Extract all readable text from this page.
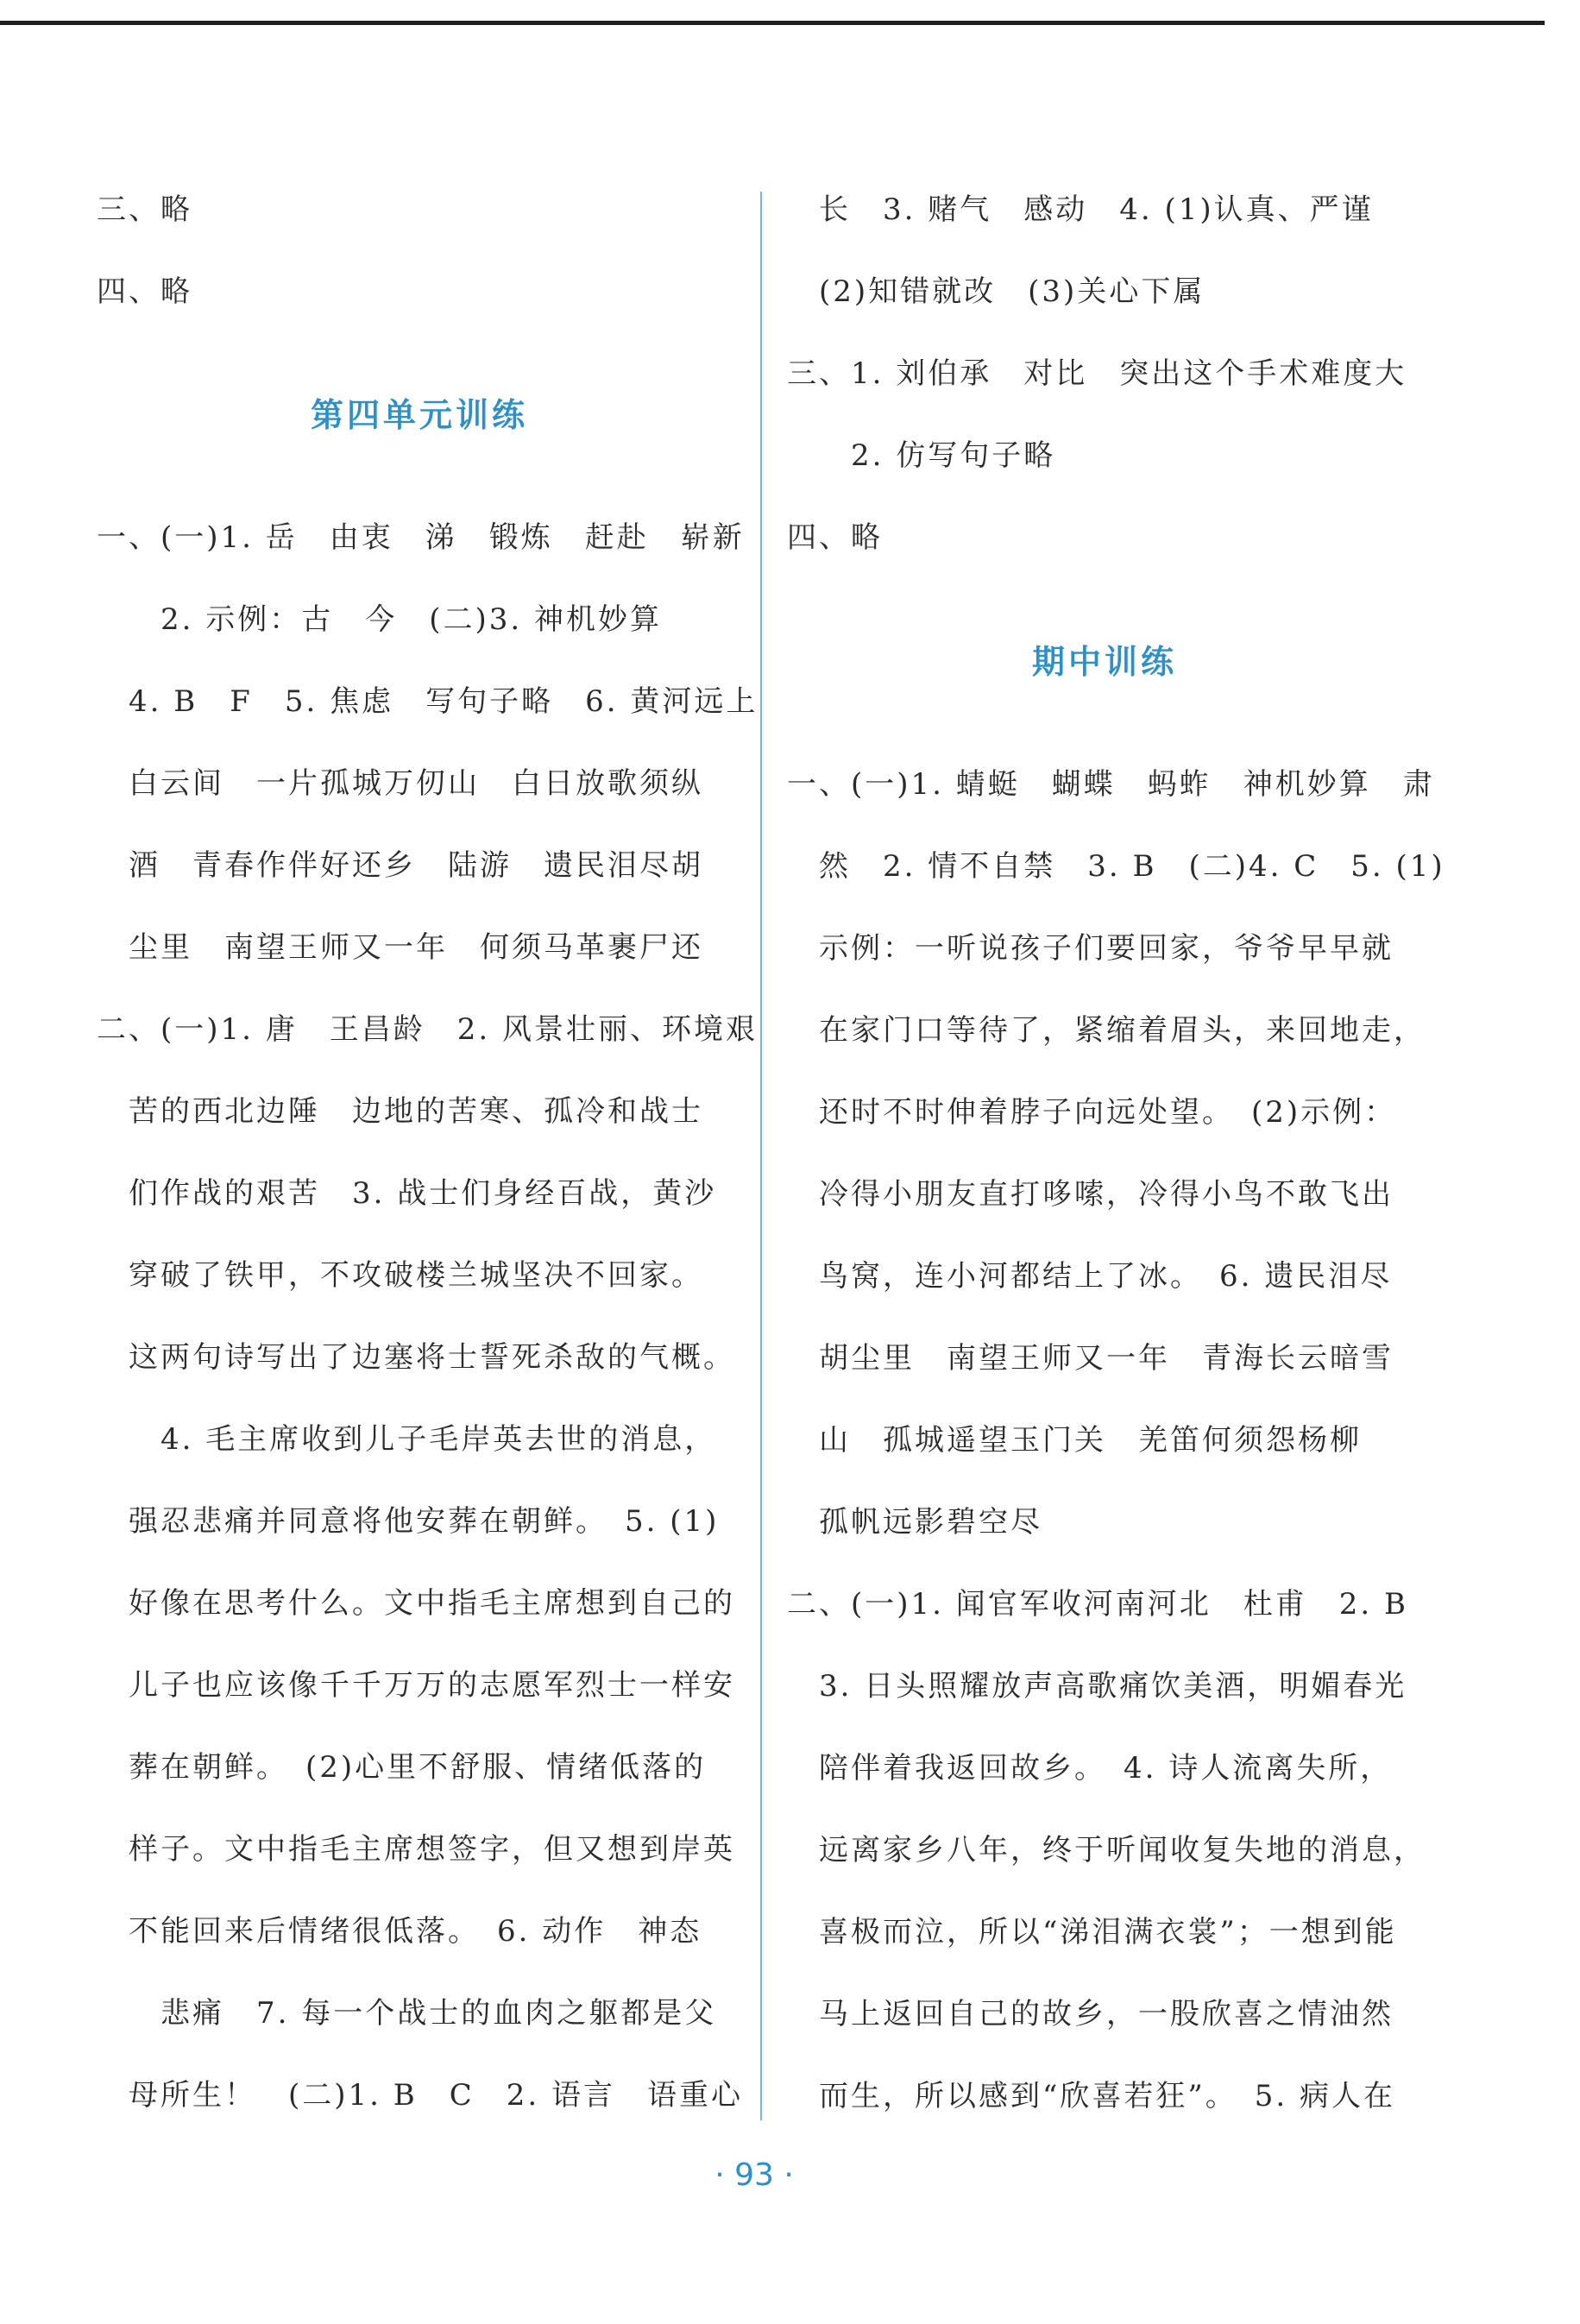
三、略
四、略
第四单元训练
一、(一)1. 岳　由衷　涕　锻炼　赶赴　崭新
　　2. 示例：古　今　(二)3. 神机妙算
　4. B　F　5. 焦虑　写句子略　6. 黄河远上
　白云间　一片孤城万仞山　白日放歌须纵
　酒　青春作伴好还乡　陆游　遗民泪尽胡
　尘里　南望王师又一年　何须马革裹尸还
二、(一)1. 唐　王昌龄　2. 风景壮丽、环境艰
　苦的西北边陲　边地的苦寒、孤冷和战士
　们作战的艰苦　3. 战士们身经百战，黄沙
　穿破了铁甲，不攻破楼兰城坚决不回家。
　这两句诗写出了边塞将士誓死杀敌的气概。
　　4. 毛主席收到儿子毛岸英去世的消息，
　强忍悲痛并同意将他安葬在朝鲜。　5. (1)
　好像在思考什么。文中指毛主席想到自己的
　儿子也应该像千千万万的志愿军烈士一样安
　葬在朝鲜。　(2)心里不舒服、情绪低落的
　样子。文中指毛主席想签字，但又想到岸英
　不能回来后情绪很低落。　6. 动作　神态
　　悲痛　7. 每一个战士的血肉之躯都是父
　母所生！　(二)1. B　C　2. 语言　语重心
　长　3. 赌气　感动　4. (1)认真、严谨
　(2)知错就改　(3)关心下属
三、1. 刘伯承　对比　突出这个手术难度大
　　2. 仿写句子略
四、略
期中训练
一、(一)1. 蜻蜓　蝴蝶　蚂蚱　神机妙算　肃
　然　2. 情不自禁　3. B　(二)4. C　5. (1)
　示例：一听说孩子们要回家，爷爷早早就
　在家门口等待了，紧缩着眉头，来回地走，
　还时不时伸着脖子向远处望。　(2)示例：
　冷得小朋友直打哆嗦，冷得小鸟不敢飞出
　鸟窝，连小河都结上了冰。　6. 遗民泪尽
　胡尘里　南望王师又一年　青海长云暗雪
　山　孤城遥望玉门关　羌笛何须怨杨柳
　孤帆远影碧空尽
二、(一)1. 闻官军收河南河北　杜甫　2. B
　3. 日头照耀放声高歌痛饮美酒，明媚春光
　陪伴着我返回故乡。　4. 诗人流离失所，
　远离家乡八年，终于听闻收复失地的消息，
　喜极而泣，所以“涕泪满衣裳”；一想到能
　马上返回自己的故乡，一股欣喜之情油然
　而生，所以感到“欣喜若狂”。　5. 病人在
· 93 ·
